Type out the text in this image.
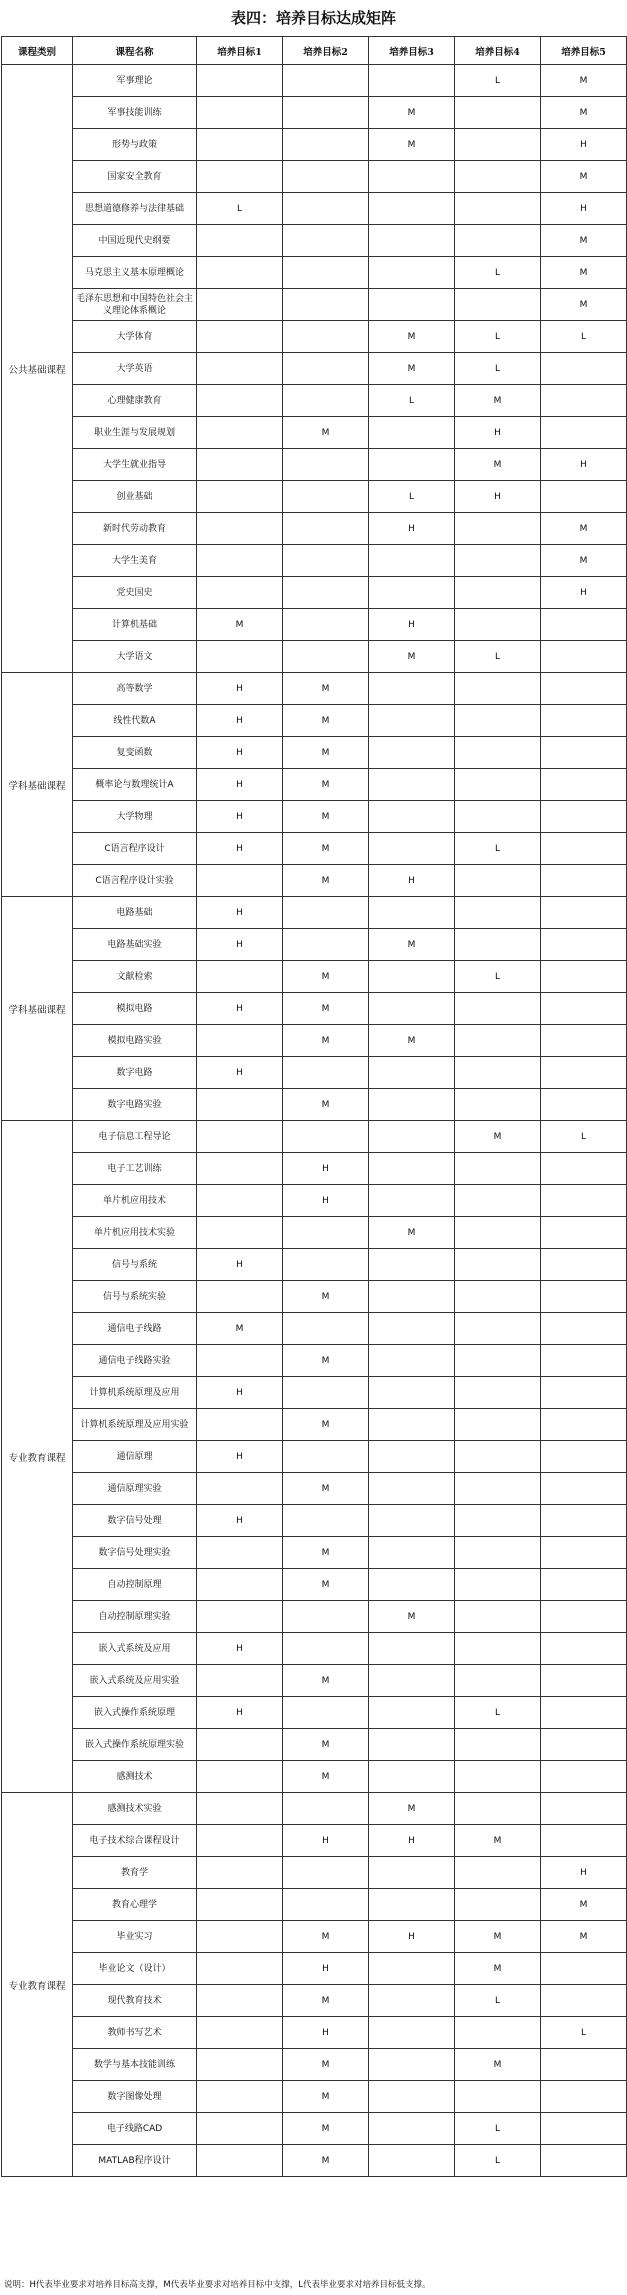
表四：培养目标达成矩阵
课程类别	课程名称	培养目标1	培养目标2	培养目标3	培养目标4	培养目标5
公共基础课程	军事理论				L	M
	军事技能训练			M		M
	形势与政策			M		H
	国家安全教育					M
	思想道德修养与法律基础	L				H
	中国近现代史纲要					M
	马克思主义基本原理概论				L	M
	毛泽东思想和中国特色社会主义理论体系概论					M
	大学体育			M	L	L
	大学英语			M	L	
	心理健康教育			L	M	
	职业生涯与发展规划		M		H	
	大学生就业指导				M	H
	创业基础			L	H	
	新时代劳动教育			H		M
	大学生美育					M
	党史国史					H
	计算机基础	M		H		
	大学语文			M	L	
学科基础课程	高等数学	H	M			
	线性代数A	H	M			
	复变函数	H	M			
	概率论与数理统计A	H	M			
	大学物理	H	M			
	C语言程序设计	H	M		L	
	C语言程序设计实验		M	H		
学科基础课程	电路基础	H				
	电路基础实验	H		M		
	文献检索		M		L	
	模拟电路	H	M			
	模拟电路实验		M	M		
	数字电路	H				
	数字电路实验		M			
专业教育课程	电子信息工程导论				M	L
	电子工艺训练		H			
	单片机应用技术		H			
	单片机应用技术实验			M		
	信号与系统	H				
	信号与系统实验		M			
	通信电子线路	M				
	通信电子线路实验		M			
	计算机系统原理及应用	H				
	计算机系统原理及应用实验		M			
	通信原理	H				
	通信原理实验		M			
	数字信号处理	H				
	数字信号处理实验		M			
	自动控制原理		M			
	自动控制原理实验			M		
	嵌入式系统及应用	H				
	嵌入式系统及应用实验		M			
	嵌入式操作系统原理	H			L	
	嵌入式操作系统原理实验		M			
	感测技术		M			
专业教育课程	感测技术实验			M		
	电子技术综合课程设计		H	H	M	
	教育学					H
	教育心理学					M
	毕业实习		M	H	M	M
	毕业论文（设计）		H		M	
	现代教育技术		M		L	
	教师书写艺术		H			L
	数学与基本技能训练		M		M	
	数字图像处理		M			
	电子线路CAD		M		L	
	MATLAB程序设计		M		L	
说明：H代表毕业要求对培养目标高支撑，M代表毕业要求对培养目标中支撑，L代表毕业要求对培养目标低支撑。
